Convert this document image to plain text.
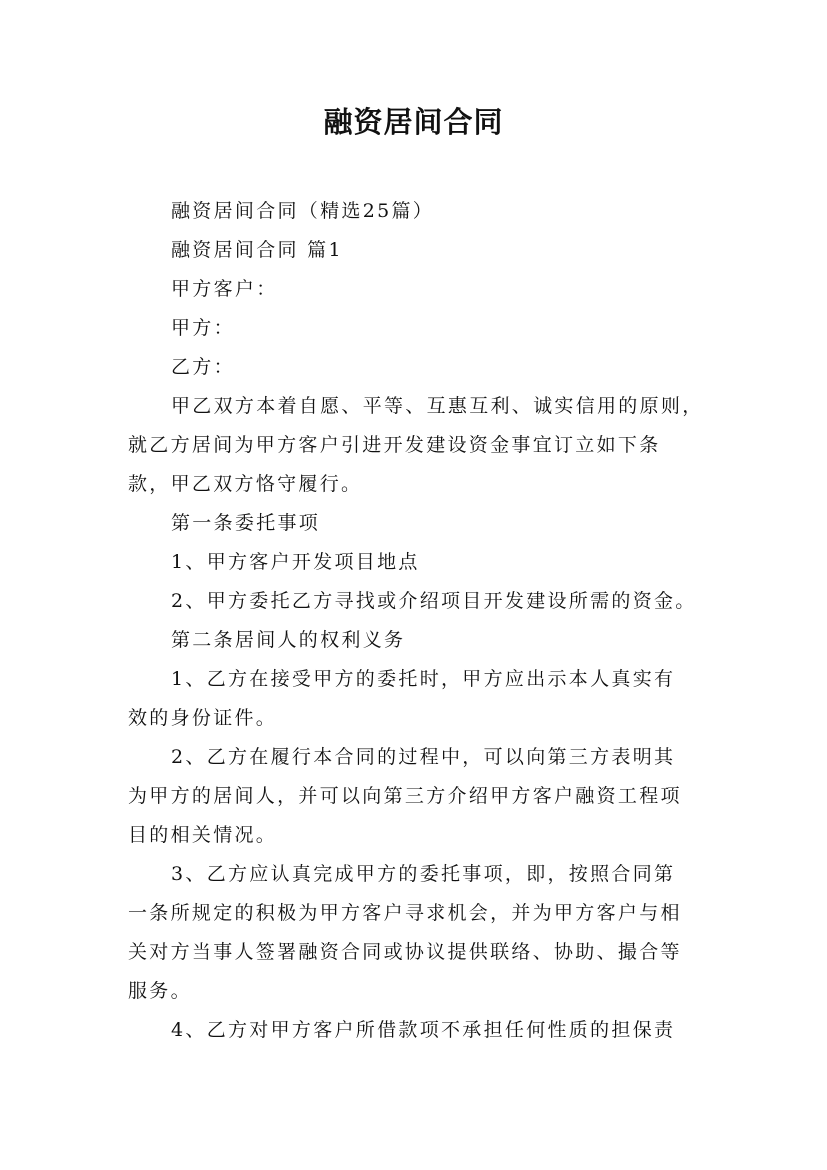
融资居间合同
融资居间合同（精选25篇）
融资居间合同 篇1
甲方客户：
甲方：
乙方：
甲乙双方本着自愿、平等、互惠互利、诚实信用的原则，
就乙方居间为甲方客户引进开发建设资金事宜订立如下条
款，甲乙双方恪守履行。
第一条委托事项
1、甲方客户开发项目地点
2、甲方委托乙方寻找或介绍项目开发建设所需的资金。
第二条居间人的权利义务
1、乙方在接受甲方的委托时，甲方应出示本人真实有
效的身份证件。
2、乙方在履行本合同的过程中，可以向第三方表明其
为甲方的居间人，并可以向第三方介绍甲方客户融资工程项
目的相关情况。
3、乙方应认真完成甲方的委托事项，即，按照合同第
一条所规定的积极为甲方客户寻求机会，并为甲方客户与相
关对方当事人签署融资合同或协议提供联络、协助、撮合等
服务。
4、乙方对甲方客户所借款项不承担任何性质的担保责
